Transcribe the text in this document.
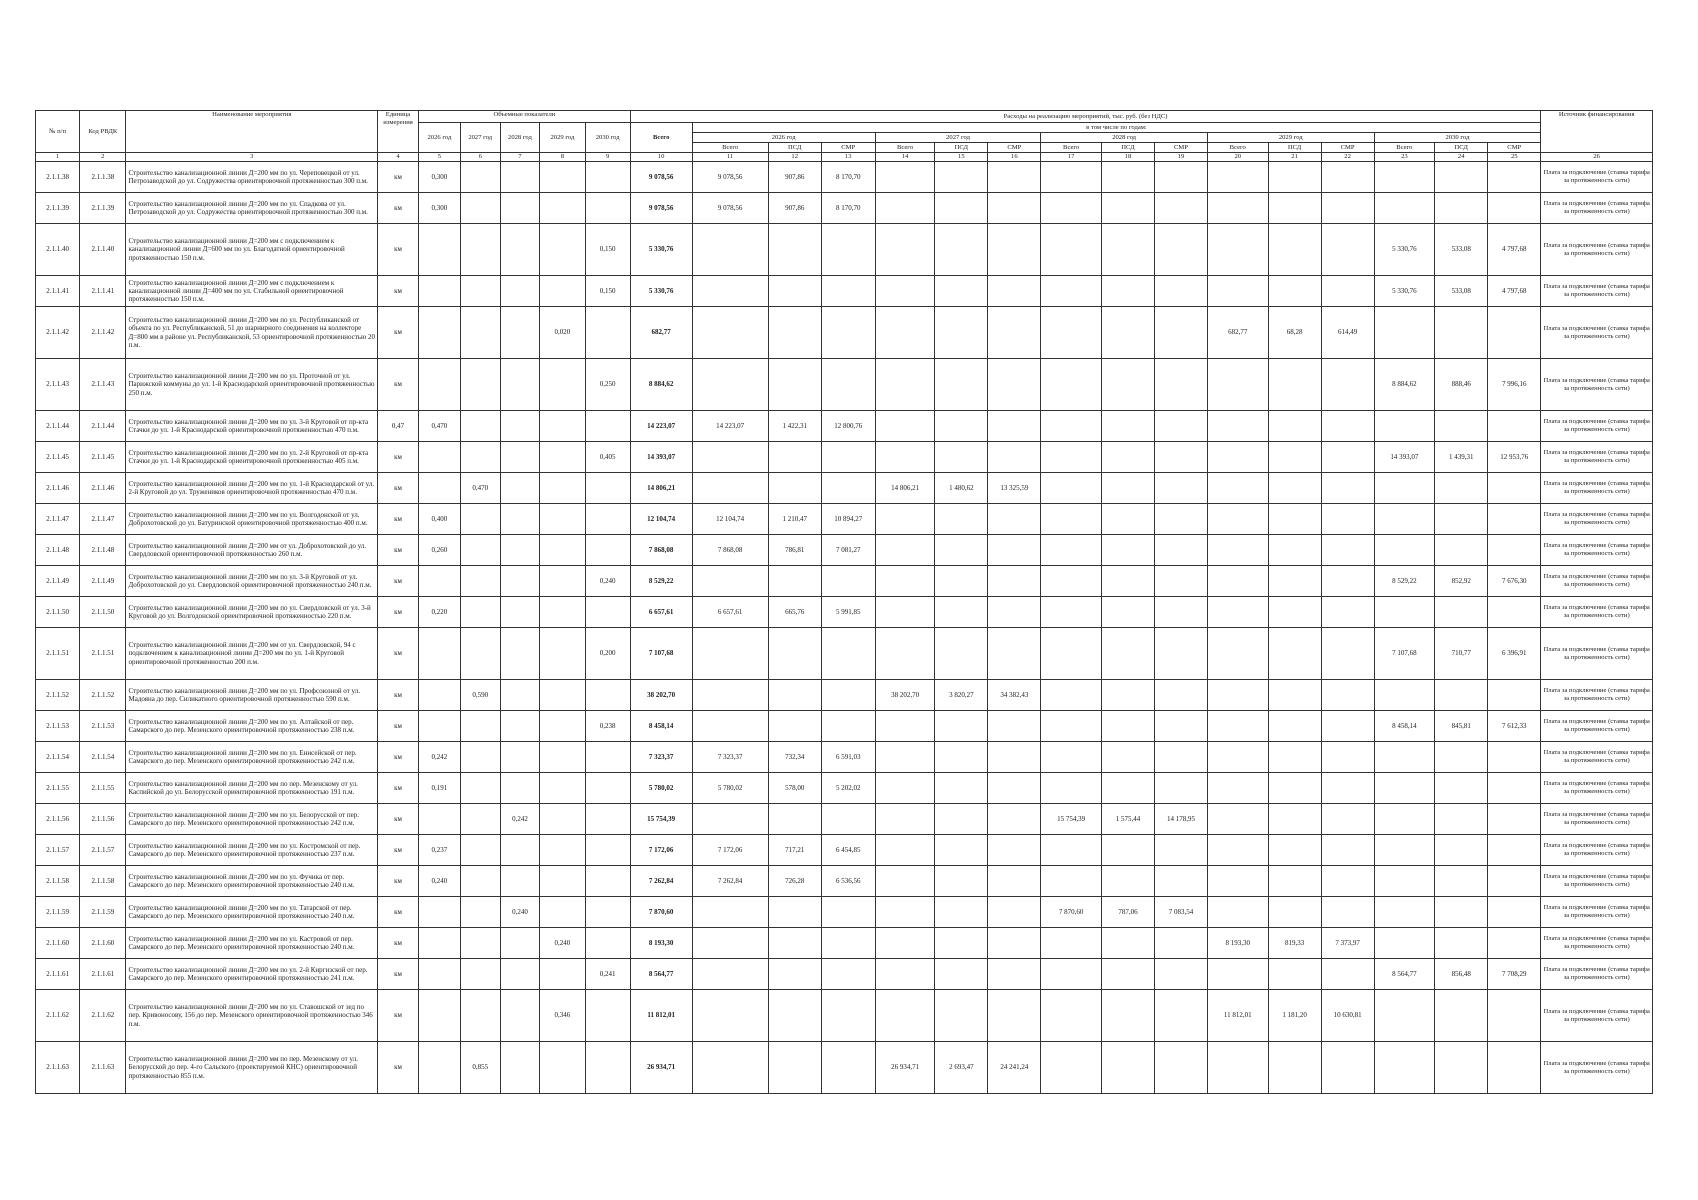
№ п/п	Код РВДК	Наименование мероприятия	Единица измерения	Объемные показатели					Расходы на реализацию мероприятий, тыс. руб. (без НДС)																Источник финансирования
				2026 год	2027 год	2028 год	2029 год	2030 год	Всего	в том числе по годам:															
										2026 год			2027 год			2028 год			2029 год			2030 год			
										Всего	ПСД	СМР	Всего	ПСД	СМР	Всего	ПСД	СМР	Всего	ПСД	СМР	Всего	ПСД	СМР	
1	2	3	4	5	6	7	8	9	10	11	12	13	14	15	16	17	18	19	20	21	22	23	24	25	26
2.1.1.38	2.1.1.38	Строительство канализационной линии Д=200 мм по ул. Череповецкой от ул. Петрозаводской до ул. Содружества ориентировочной протяженностью 300 п.м.	км	0,300					9 078,56	9 078,56	907,86	8 170,70													Плата за подключение (ставка тарифа за протяженность сети)
2.1.1.39	2.1.1.39	Строительство канализационной линии Д=200 мм по ул. Спадкова от ул. Петрозаводской до ул. Содружества ориентировочной протяженностью 300 п.м.	км	0,300					9 078,56	9 078,56	907,86	8 170,70													Плата за подключение (ставка тарифа за протяженность сети)
2.1.1.40	2.1.1.40	Строительство канализационной линии Д=200 мм с подключением к канализационной линии Д=600 мм по ул. Благодатной ориентировочной протяженностью 150 п.м.	км					0,150	5 330,76													5 330,76	533,08	4 797,68	Плата за подключение (ставка тарифа за протяженность сети)
2.1.1.41	2.1.1.41	Строительство канализационной линии Д=200 мм с подключением к канализационной линии Д=400 мм по ул. Стабильной ориентировочной протяженностью 150 п.м.	км					0,150	5 330,76													5 330,76	533,08	4 797,68	Плата за подключение (ставка тарифа за протяженность сети)
2.1.1.42	2.1.1.42	Строительство канализационной линии Д=200 мм по ул. Республиканской от объекта по ул. Республиканской, 51 до шарнирного соединения на коллекторе Д=800 мм в районе ул. Республиканской, 53 ориентировочной протяженностью 20 п.м.	км				0,020		682,77										682,77	68,28	614,49				Плата за подключение (ставка тарифа за протяженность сети)
2.1.1.43	2.1.1.43	Строительство канализационной линии Д=200 мм по ул. Проточной от ул. Парижской коммуны до ул. 1-й Краснодарской ориентировочной протяженностью 250 п.м.	км					0,250	8 884,62													8 884,62	888,46	7 996,16	Плата за подключение (ставка тарифа за протяженность сети)
2.1.1.44	2.1.1.44	Строительство канализационной линии Д=200 мм по ул. 3-й Круговой от пр-кта Стачки до ул. 1-й Краснодарской ориентировочной протяженностью 470 п.м.	0,47	0,470					14 223,07	14 223,07	1 422,31	12 800,76													Плата за подключение (ставка тарифа за протяженность сети)
2.1.1.45	2.1.1.45	Строительство канализационной линии Д=200 мм по ул. 2-й Круговой от пр-кта Стачки до ул. 1-й Краснодарской ориентировочной протяженностью 405 п.м.	км					0,405	14 393,07													14 393,07	1 439,31	12 953,76	Плата за подключение (ставка тарифа за протяженность сети)
2.1.1.46	2.1.1.46	Строительство канализационной линии Д=200 мм по ул. 1-й Краснодарской от ул. 2-й Круговой до ул. Тружеников ориентировочной протяженностью 470 п.м.	км		0,470				14 806,21				14 806,21	1 480,62	13 325,59										Плата за подключение (ставка тарифа за протяженность сети)
2.1.1.47	2.1.1.47	Строительство канализационной линии Д=200 мм по ул. Волгодонской от ул. Доброхотовской до ул. Батуринской ориентировочной протяженностью 400 п.м.	км	0,400					12 104,74	12 104,74	1 210,47	10 894,27													Плата за подключение (ставка тарифа за протяженность сети)
2.1.1.48	2.1.1.48	Строительство канализационной линии Д=200 мм от ул. Доброхотовской до ул. Свердловской ориентировочной протяженностью 260 п.м.	км	0,260					7 868,08	7 868,08	786,81	7 081,27													Плата за подключение (ставка тарифа за протяженность сети)
2.1.1.49	2.1.1.49	Строительство канализационной линии Д=200 мм по ул. 3-й Круговой от ул. Доброхотовской до ул. Свердловской ориентировочной протяженностью 240 п.м.	км					0,240	8 529,22													8 529,22	852,92	7 676,30	Плата за подключение (ставка тарифа за протяженность сети)
2.1.1.50	2.1.1.50	Строительство канализационной линии Д=200 мм по ул. Свердловской от ул. 3-й Круговой до ул. Волгодонской ориентировочной протяженностью 220 п.м.	км	0,220					6 657,61	6 657,61	665,76	5 991,85													Плата за подключение (ставка тарифа за протяженность сети)
2.1.1.51	2.1.1.51	Строительство канализационной линии Д=200 мм от ул. Свердловской, 94 с подключением к канализационной линии Д=200 мм по ул. 1-й Круговой ориентировочной протяженностью 200 п.м.	км					0,200	7 107,68													7 107,68	710,77	6 396,91	Плата за подключение (ставка тарифа за протяженность сети)
2.1.1.52	2.1.1.52	Строительство канализационной линии Д=200 мм по ул. Профсоюзной от ул. Мадояна до пер. Силикатного ориентировочной протяженностью 590 п.м.	км		0,590				38 202,70				38 202,70	3 820,27	34 382,43										Плата за подключение (ставка тарифа за протяженность сети)
2.1.1.53	2.1.1.53	Строительство канализационной линии Д=200 мм по ул. Алтайской от пер. Самарского до пер. Мезенского ориентировочной протяженностью 238 п.м.	км					0,238	8 458,14													8 458,14	845,81	7 612,33	Плата за подключение (ставка тарифа за протяженность сети)
2.1.1.54	2.1.1.54	Строительство канализационной линии Д=200 мм по ул. Енисейской от пер. Самарского до пер. Мезенского ориентировочной протяженностью 242 п.м.	км	0,242					7 323,37	7 323,37	732,34	6 591,03													Плата за подключение (ставка тарифа за протяженность сети)
2.1.1.55	2.1.1.55	Строительство канализационной линии Д=200 мм по пер. Мезенскому от ул. Каспийской до ул. Белорусской ориентировочной протяженностью 191 п.м.	км	0,191					5 780,02	5 780,02	578,00	5 202,02													Плата за подключение (ставка тарифа за протяженность сети)
2.1.1.56	2.1.1.56	Строительство канализационной линии Д=200 мм по ул. Белорусской от пер. Самарского до пер. Мезенского ориентировочной протяженностью 242 п.м.	км			0,242			15 754,39							15 754,39	1 575,44	14 178,95							Плата за подключение (ставка тарифа за протяженность сети)
2.1.1.57	2.1.1.57	Строительство канализационной линии Д=200 мм по ул. Костромской от пер. Самарского до пер. Мезенского ориентировочной протяженностью 237 п.м.	км	0,237					7 172,06	7 172,06	717,21	6 454,85													Плата за подключение (ставка тарифа за протяженность сети)
2.1.1.58	2.1.1.58	Строительство канализационной линии Д=200 мм по ул. Фучика от пер. Самарского до пер. Мезенского ориентировочной протяженностью 240 п.м.	км	0,240					7 262,84	7 262,84	726,28	6 536,56													Плата за подключение (ставка тарифа за протяженность сети)
2.1.1.59	2.1.1.59	Строительство канализационной линии Д=200 мм по ул. Татарской от пер. Самарского до пер. Мезенского ориентировочной протяженностью 240 п.м.	км			0,240			7 870,60							7 870,60	787,06	7 083,54							Плата за подключение (ставка тарифа за протяженность сети)
2.1.1.60	2.1.1.60	Строительство канализационной линии Д=200 мм по ул. Кастровой от пер. Самарского до пер. Мезенского ориентировочной протяженностью 240 п.м.	км				0,240		8 193,30										8 193,30	819,33	7 373,97				Плата за подключение (ставка тарифа за протяженность сети)
2.1.1.61	2.1.1.61	Строительство канализационной линии Д=200 мм по ул. 2-й Киргизской от пер. Самарского до пер. Мезенского ориентировочной протяженностью 241 п.м.	км					0,241	8 564,77													8 564,77	856,48	7 708,29	Плата за подключение (ставка тарифа за протяженность сети)
2.1.1.62	2.1.1.62	Строительство канализационной линии Д=200 мм по ул. Ставошской от зед по пер. Кривоносову, 156 до пер. Мезенского ориентировочной протяженностью 346 п.м.	км				0,346		11 812,01										11 812,01	1 181,20	10 630,81				Плата за подключение (ставка тарифа за протяженность сети)
2.1.1.63	2.1.1.63	Строительство канализационной линии Д=200 мм по пер. Мезенскому от ул. Белорусской до пер. 4-го Сальского (проектируемой КНС) ориентировочной протяженностью 855 п.м.	км		0,855				26 934,71				26 934,71	2 693,47	24 241,24										Плата за подключение (ставка тарифа за протяженность сети)
